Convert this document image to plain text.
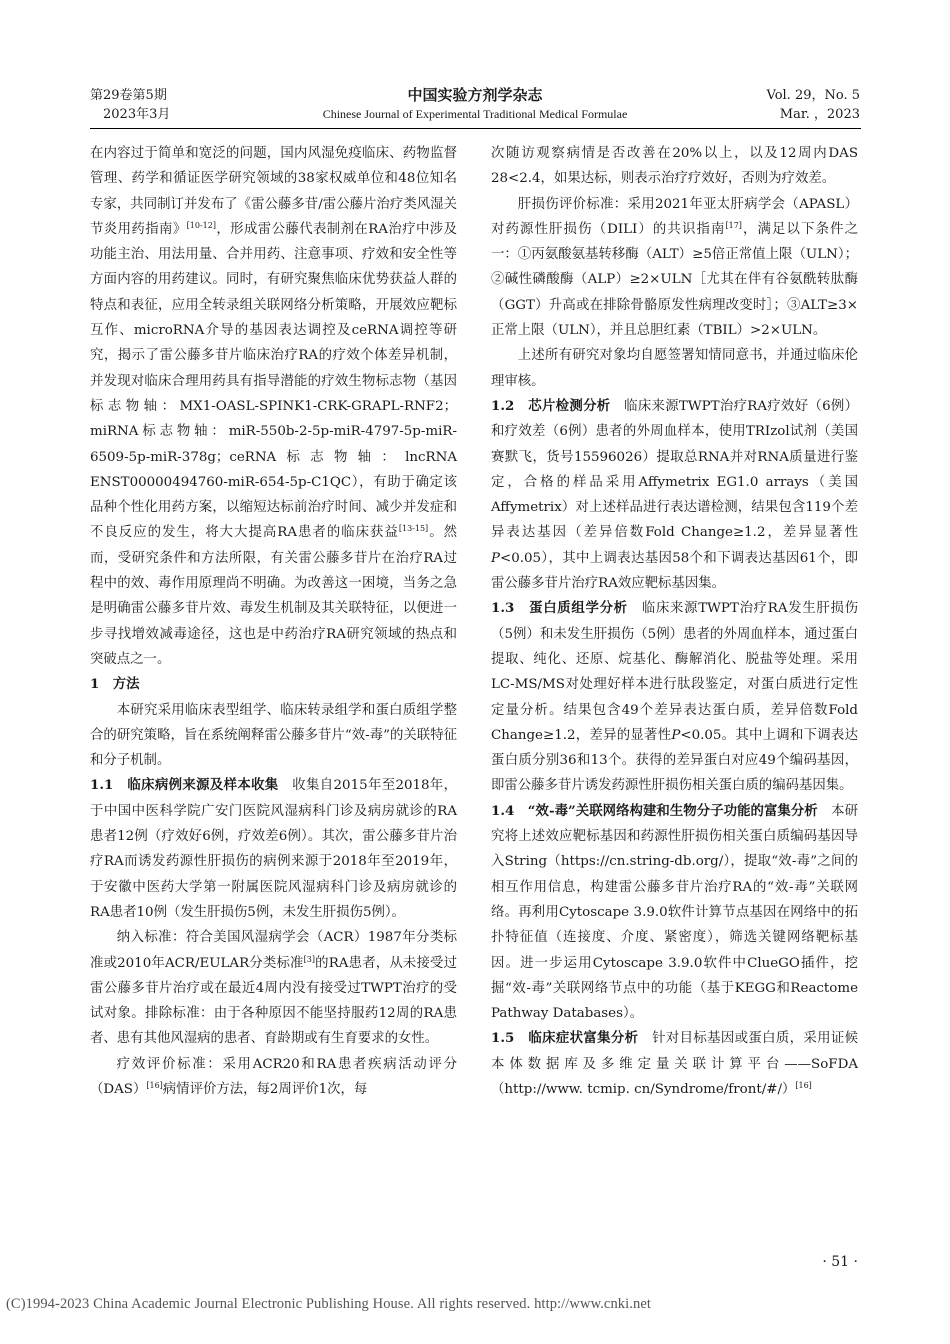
第29卷第5期
2023年3月
中国实验方剂学杂志
Chinese Journal of Experimental Traditional Medical Formulae
Vol. 29，No. 5
Mar. ，2023

在内容过于简单和宽泛的问题，国内风湿免疫临床、药物监督管理、药学和循证医学研究领域的38家权威单位和48位知名专家，共同制订并发布了《雷公藤多苷/雷公藤片治疗类风湿关节炎用药指南》[10-12]，形成雷公藤代表制剂在RA治疗中涉及功能主治、用法用量、合并用药、注意事项、疗效和安全性等方面内容的用药建议。同时，有研究聚焦临床优势获益人群的特点和表征，应用全转录组关联网络分析策略，开展效应靶标互作、microRNA介导的基因表达调控及ceRNA调控等研究，揭示了雷公藤多苷片临床治疗RA的疗效个体差异机制，并发现对临床合理用药具有指导潜能的疗效生物标志物（基因标志物轴：MX1-OASL-SPINK1-CRK-GRAPL-RNF2；miRNA标志物轴：miR-550b-2-5p-miR-4797-5p-miR-6509-5p-miR-378g；ceRNA标志物轴：lncRNA ENST00000494760-miR-654-5p-C1QC），有助于确定该品种个性化用药方案，以缩短达标前治疗时间、减少并发症和不良反应的发生，将大大提高RA患者的临床获益[13-15]。然而，受研究条件和方法所限，有关雷公藤多苷片在治疗RA过程中的效、毒作用原理尚不明确。为改善这一困境，当务之急是明确雷公藤多苷片效、毒发生机制及其关联特征，以便进一步寻找增效减毒途径，这也是中药治疗RA研究领域的热点和突破点之一。

1　方法

本研究采用临床表型组学、临床转录组学和蛋白质组学整合的研究策略，旨在系统阐释雷公藤多苷片“效-毒”的关联特征和分子机制。

1.1　临床病例来源及样本收集　收集自2015年至2018年，于中国中医科学院广安门医院风湿病科门诊及病房就诊的RA患者12例（疗效好6例，疗效差6例）。其次，雷公藤多苷片治疗RA而诱发药源性肝损伤的病例来源于2018年至2019年，于安徽中医药大学第一附属医院风湿病科门诊及病房就诊的RA患者10例（发生肝损伤5例，未发生肝损伤5例）。

纳入标准：符合美国风湿病学会（ACR）1987年分类标准或2010年ACR/EULAR分类标准[3]的RA患者，从未接受过雷公藤多苷片治疗或在最近4周内没有接受过TWPT治疗的受试对象。排除标准：由于各种原因不能坚持服药12周的RA患者、患有其他风湿病的患者、育龄期或有生育要求的女性。

疗效评价标准：采用ACR20和RA患者疾病活动评分（DAS）[16]病情评价方法，每2周评价1次，每

次随访观察病情是否改善在20%以上，以及12周内DAS 28<2.4，如果达标，则表示治疗疗效好，否则为疗效差。

肝损伤评价标准：采用2021年亚太肝病学会（APASL）对药源性肝损伤（DILI）的共识指南[17]，满足以下条件之一：①丙氨酸氨基转移酶（ALT）≥5倍正常值上限（ULN）；②碱性磷酸酶（ALP）≥2×ULN［尤其在伴有谷氨酰转肽酶（GGT）升高或在排除骨骼原发性病理改变时］；③ALT≥3×正常上限（ULN），并且总胆红素（TBIL）>2×ULN。

上述所有研究对象均自愿签署知情同意书，并通过临床伦理审核。

1.2　芯片检测分析　临床来源TWPT治疗RA疗效好（6例）和疗效差（6例）患者的外周血样本，使用TRIzol试剂（美国赛默飞，货号15596026）提取总RNA并对RNA质量进行鉴定，合格的样品采用Affymetrix EG1.0 arrays（美国Affymetrix）对上述样品进行表达谱检测，结果包含119个差异表达基因（差异倍数Fold Change≥1.2，差异显著性P<0.05），其中上调表达基因58个和下调表达基因61个，即雷公藤多苷片治疗RA效应靶标基因集。

1.3　蛋白质组学分析　临床来源TWPT治疗RA发生肝损伤（5例）和未发生肝损伤（5例）患者的外周血样本，通过蛋白提取、纯化、还原、烷基化、酶解消化、脱盐等处理。采用LC-MS/MS对处理好样本进行肽段鉴定，对蛋白质进行定性定量分析。结果包含49个差异表达蛋白质，差异倍数Fold Change≥1.2，差异的显著性P<0.05。其中上调和下调表达蛋白质分别36和13个。获得的差异蛋白对应49个编码基因，即雷公藤多苷片诱发药源性肝损伤相关蛋白质的编码基因集。

1.4　“效-毒”关联网络构建和生物分子功能的富集分析　本研究将上述效应靶标基因和药源性肝损伤相关蛋白质编码基因导入String（https://cn.string-db.org/），提取“效-毒”之间的相互作用信息，构建雷公藤多苷片治疗RA的“效-毒”关联网络。再利用Cytoscape 3.9.0软件计算节点基因在网络中的拓扑特征值（连接度、介度、紧密度），筛选关键网络靶标基因。进一步运用Cytoscape 3.9.0软件中ClueGO插件，挖掘“效-毒”关联网络节点中的功能（基于KEGG和Reactome Pathway Databases）。

1.5　临床症状富集分析　针对目标基因或蛋白质，采用证候本体数据库及多维定量关联计算平台——SoFDA（http://www. tcmip. cn/Syndrome/front/#/）[16]

· 51 ·
(C)1994-2023 China Academic Journal Electronic Publishing House. All rights reserved. http://www.cnki.net
